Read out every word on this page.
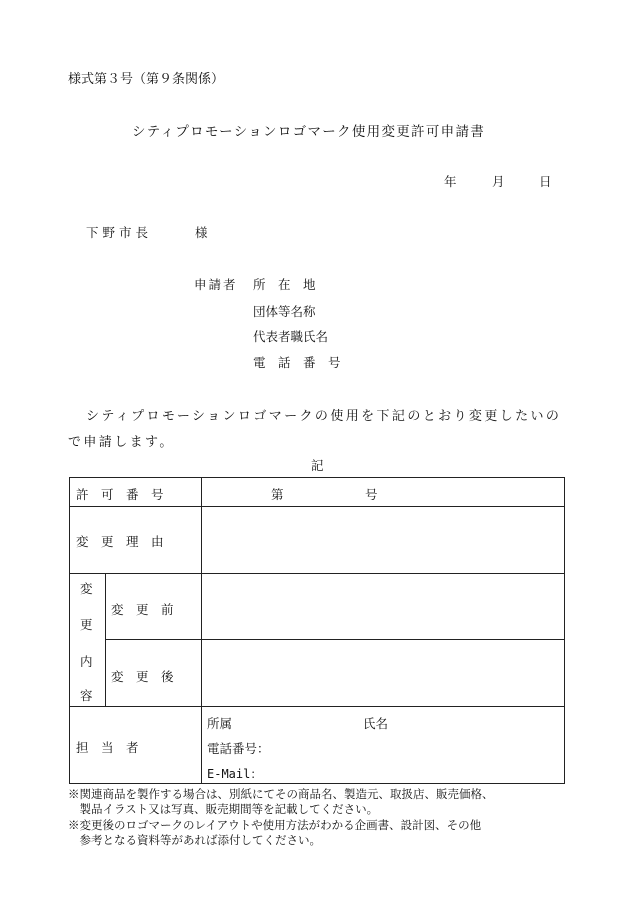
様式第３号（第９条関係）
シティプロモーションロゴマーク使用変更許可申請書
年	月	日
下野市長	様
申請者 所　在　地
団体等名称
代表者職氏名
電　話　番　号
シティプロモーションロゴマークの使用を下記のとおり変更したいの
で申請します。
記
許　可　番　号	第	号
変　更　理　由
変
更
内
容
変　更　前
変　更　後
担　当　者
所属	氏名
電話番号：
E-Mail：
※関連商品を製作する場合は、別紙にてその商品名、製造元、取扱店、販売価格、
　製品イラスト又は写真、販売期間等を記載してください。
※変更後のロゴマークのレイアウトや使用方法がわかる企画書、設計図、その他
　参考となる資料等があれば添付してください。
